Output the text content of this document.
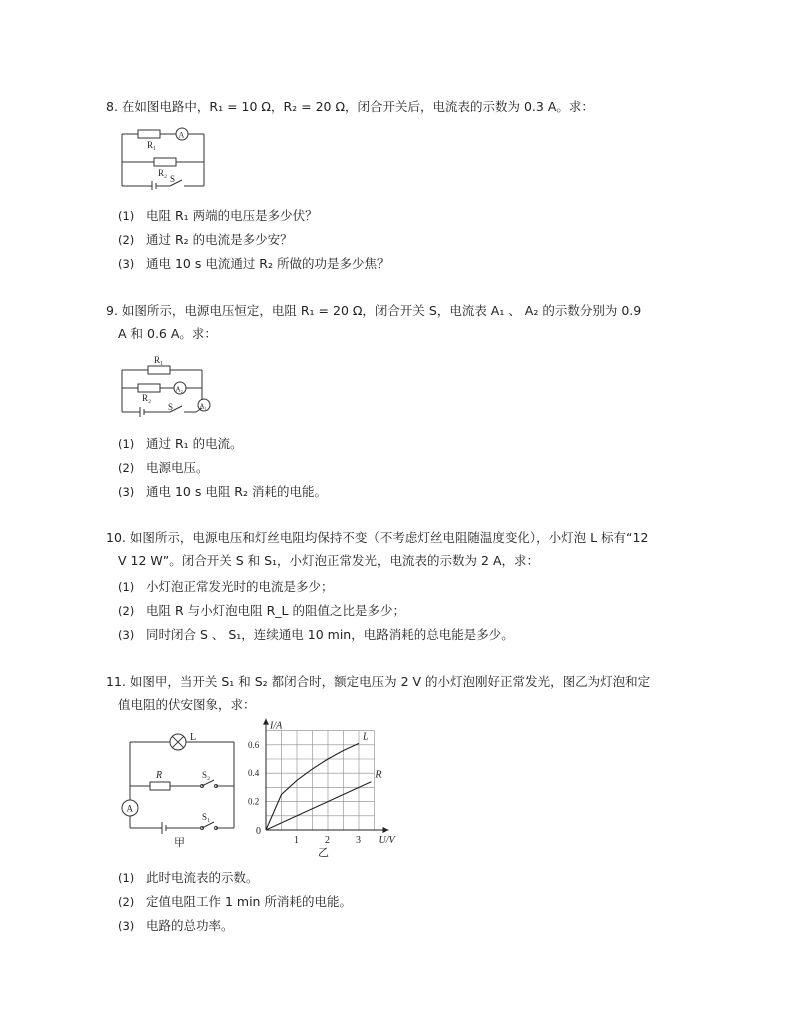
8. 在如图电路中，R₁ = 10 Ω，R₂ = 20 Ω，闭合开关后，电流表的示数为 0.3 A。求：
R₁
R₂
S
A
(1) 电阻 R₁ 两端的电压是多少伏？
(2) 通过 R₂ 的电流是多少安？
(3) 通电 10 s 电流通过 R₂ 所做的功是多少焦？
9. 如图所示，电源电压恒定，电阻 R₁ = 20 Ω，闭合开关 S，电流表 A₁ 、 A₂ 的示数分别为 0.9
A 和 0.6 A。求：
R₁
R₂
S
A₂
A₁
(1) 通过 R₁ 的电流。
(2) 电源电压。
(3) 通电 10 s 电阻 R₂ 消耗的电能。
10. 如图所示，电源电压和灯丝电阻均保持不变（不考虑灯丝电阻随温度变化），小灯泡 L 标有“12
V 12 W”。闭合开关 S 和 S₁，小灯泡正常发光，电流表的示数为 2 A，求：
(1) 小灯泡正常发光时的电流是多少；
(2) 电阻 R 与小灯泡电阻 R_L 的阻值之比是多少；
(3) 同时闭合 S 、 S₁，连续通电 10 min，电路消耗的总电能是多少。
11. 如图甲，当开关 S₁ 和 S₂ 都闭合时，额定电压为 2 V 的小灯泡刚好正常发光，图乙为灯泡和定
值电阻的伏安图象，求：
L
R	S₂
S₁
A
甲	1	2	3
0.2
0.4
0.6
L
R
I/A
U/V
0
乙
(1) 此时电流表的示数。
(2) 定值电阻工作 1 min 所消耗的电能。
(3) 电路的总功率。
